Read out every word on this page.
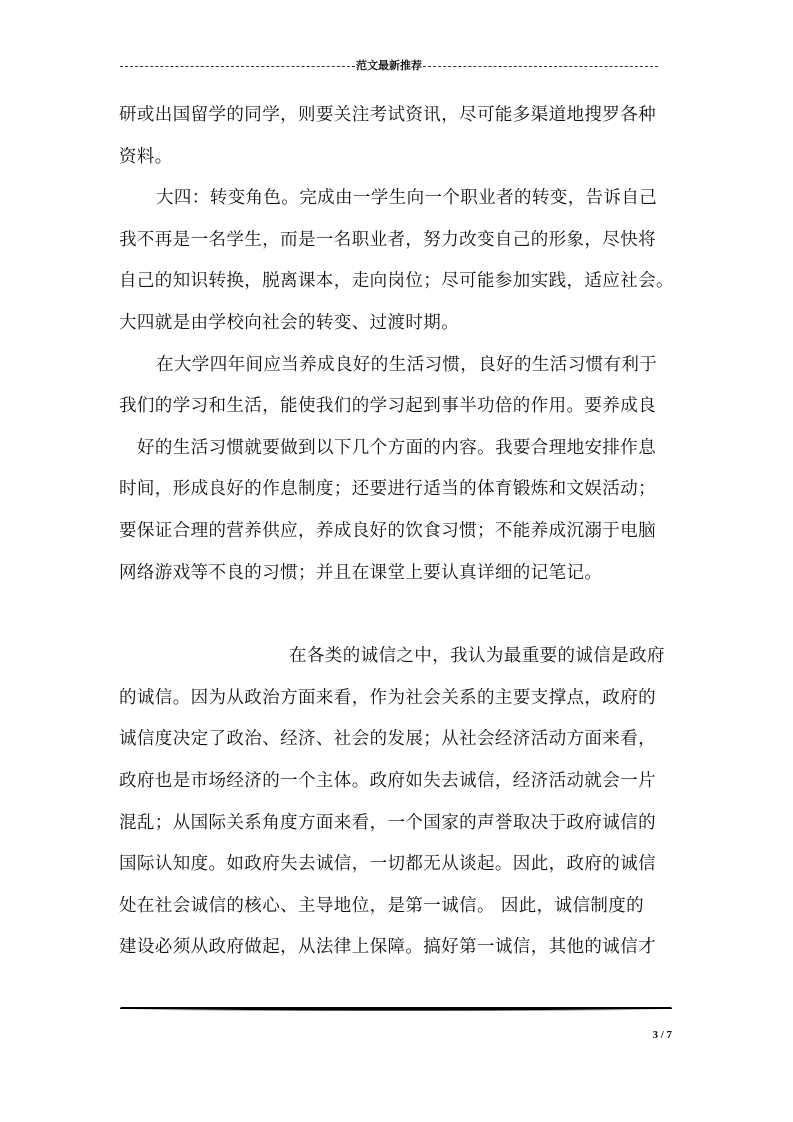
范文最新推荐
研或出国留学的同学，则要关注考试资讯，尽可能多渠道地搜罗各种
资料。
大四：转变角色。完成由一学生向一个职业者的转变，告诉自己
我不再是一名学生，而是一名职业者，努力改变自己的形象，尽快将
自己的知识转换，脱离课本，走向岗位；尽可能参加实践，适应社会。
大四就是由学校向社会的转变、过渡时期。
在大学四年间应当养成良好的生活习惯，良好的生活习惯有利于
我们的学习和生活，能使我们的学习起到事半功倍的作用。要养成良
好的生活习惯就要做到以下几个方面的内容。我要合理地安排作息
时间，形成良好的作息制度；还要进行适当的体育锻炼和文娱活动；
要保证合理的营养供应，养成良好的饮食习惯；不能养成沉溺于电脑
网络游戏等不良的习惯；并且在课堂上要认真详细的记笔记。
在各类的诚信之中，我认为最重要的诚信是政府
的诚信。因为从政治方面来看，作为社会关系的主要支撑点，政府的
诚信度决定了政治、经济、社会的发展；从社会经济活动方面来看，
政府也是市场经济的一个主体。政府如失去诚信，经济活动就会一片
混乱；从国际关系角度方面来看，一个国家的声誉取决于政府诚信的
国际认知度。如政府失去诚信，一切都无从谈起。因此，政府的诚信
处在社会诚信的核心、主导地位，是第一诚信。 因此，诚信制度的
建设必须从政府做起，从法律上保障。搞好第一诚信，其他的诚信才
3 / 7
